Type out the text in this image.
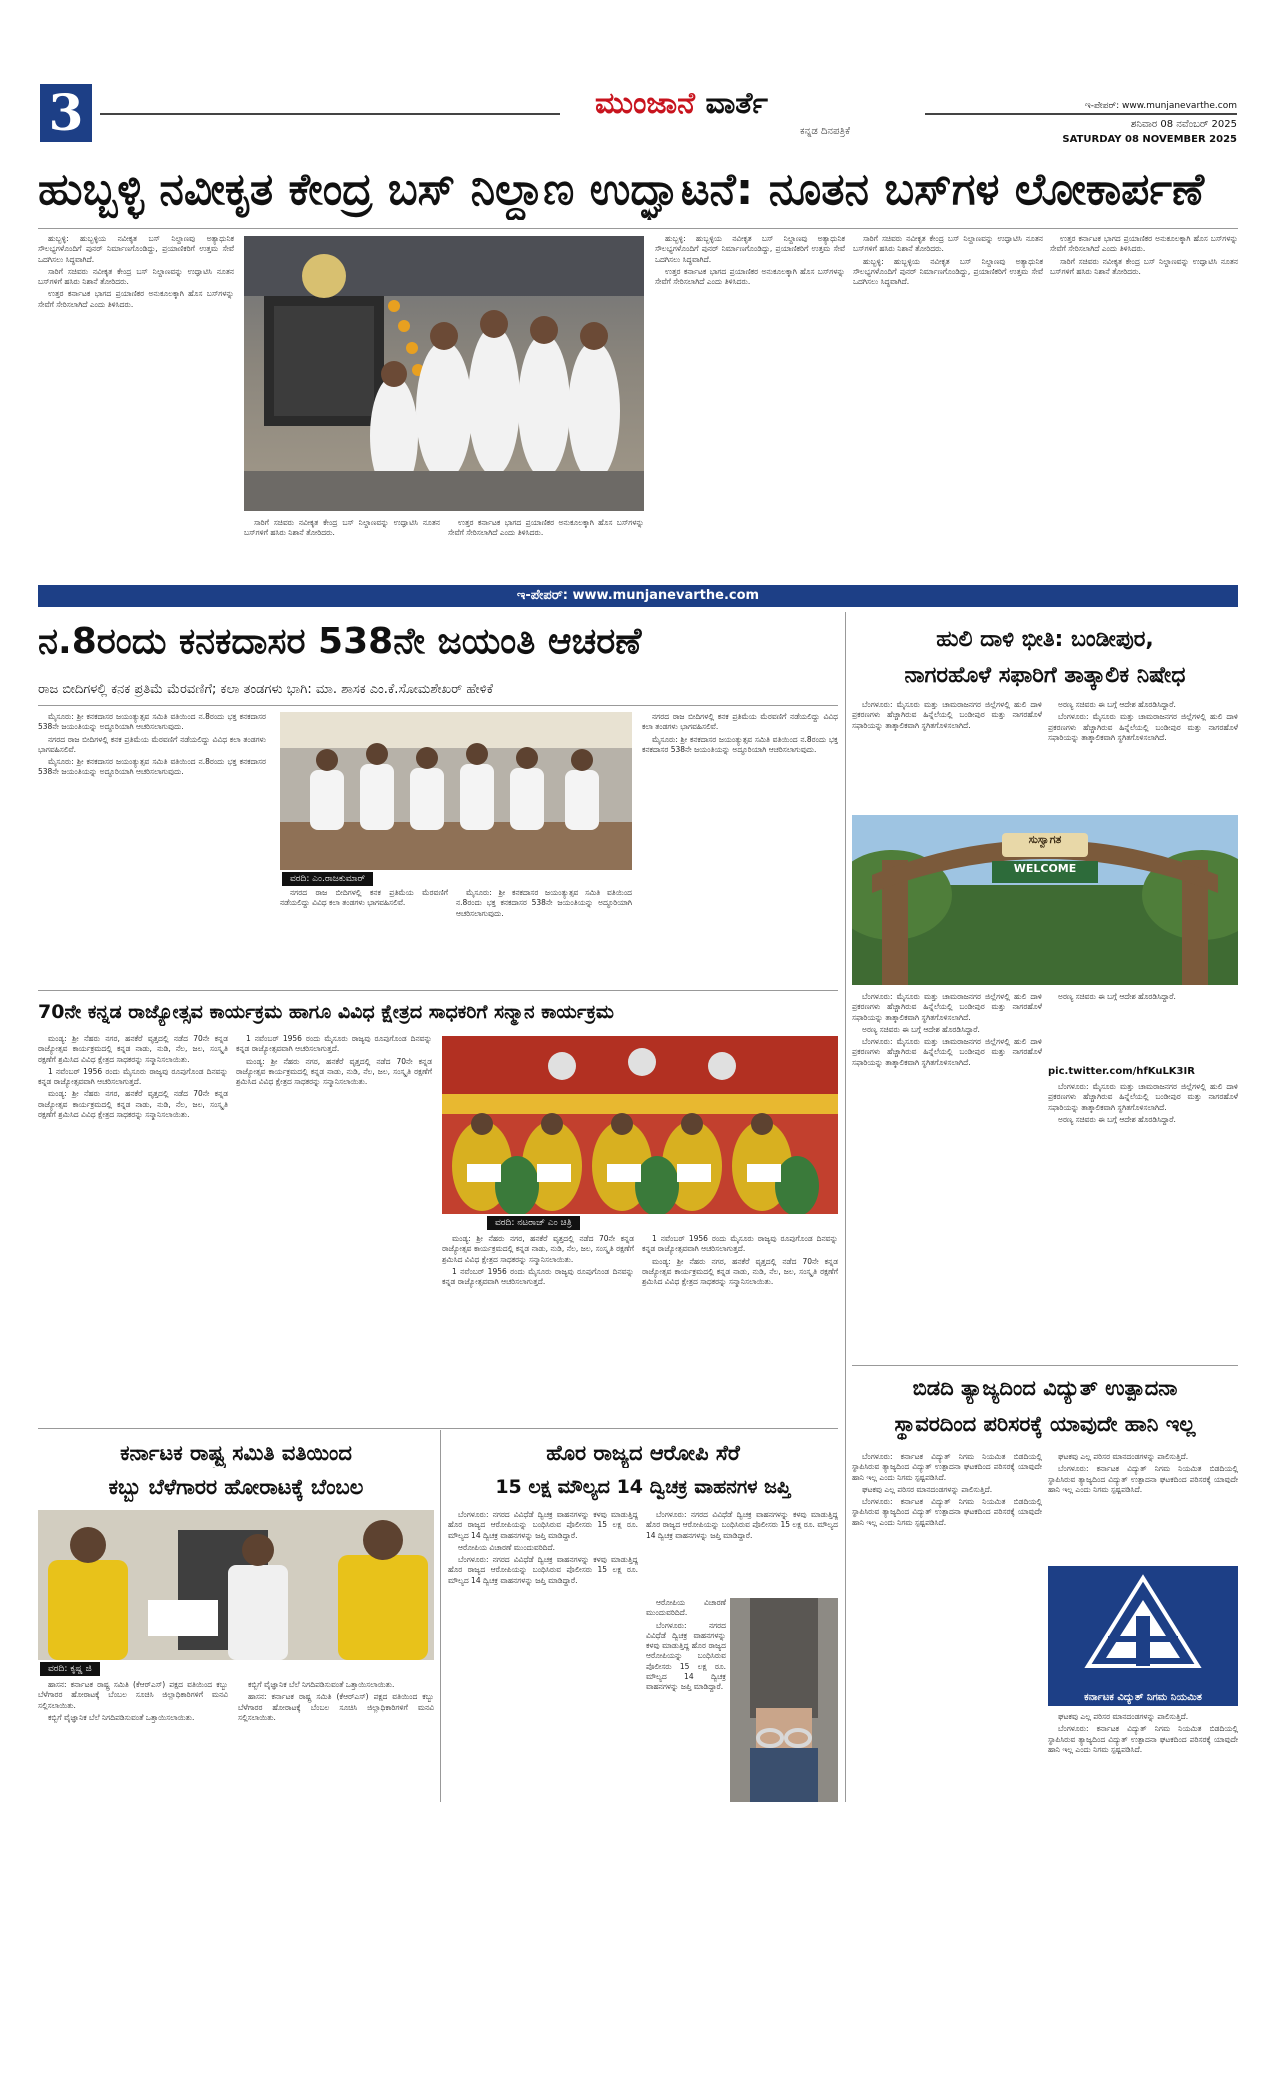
3	ಮುಂಜಾನೆ ವಾರ್ತೆ
ಕನ್ನಡ ದಿನಪತ್ರಿಕೆ
ಇ-ಪೇಪರ್: www.munjanevarthe.com
ಶನಿವಾರ 08 ನವೆಂಬರ್ 2025
SATURDAY 08 NOVEMBER 2025
ಹುಬ್ಬಳ್ಳಿ ನವೀಕೃತ ಕೇಂದ್ರ ಬಸ್ ನಿಲ್ದಾಣ ಉದ್ಘಾಟನೆ: ನೂತನ ಬಸ್‌ಗಳ ಲೋಕಾರ್ಪಣೆ

ಹುಬ್ಬಳ್ಳಿ: ಹುಬ್ಬಳ್ಳಿಯ ನವೀಕೃತ ಬಸ್ ನಿಲ್ದಾಣವು ಅತ್ಯಾಧುನಿಕ ಸೌಲಭ್ಯಗಳೊಂದಿಗೆ ಪುನರ್ ನಿರ್ಮಾಣಗೊಂಡಿದ್ದು, ಪ್ರಯಾಣಿಕರಿಗೆ ಉತ್ತಮ ಸೇವೆ ಒದಗಿಸಲು ಸಿದ್ಧವಾಗಿದೆ.

ಸಾರಿಗೆ ಸಚಿವರು ನವೀಕೃತ ಕೇಂದ್ರ ಬಸ್ ನಿಲ್ದಾಣವನ್ನು ಉದ್ಘಾಟಿಸಿ ನೂತನ ಬಸ್‌ಗಳಿಗೆ ಹಸಿರು ನಿಶಾನೆ ತೋರಿದರು.

ಉತ್ತರ ಕರ್ನಾಟಕ ಭಾಗದ ಪ್ರಯಾಣಿಕರ ಅನುಕೂಲಕ್ಕಾಗಿ ಹೊಸ ಬಸ್‌ಗಳನ್ನು ಸೇವೆಗೆ ಸೇರಿಸಲಾಗಿದೆ ಎಂದು ತಿಳಿಸಿದರು.

ಸಾರಿಗೆ ಸಚಿವರು ನವೀಕೃತ ಕೇಂದ್ರ ಬಸ್ ನಿಲ್ದಾಣವನ್ನು ಉದ್ಘಾಟಿಸಿ ನೂತನ ಬಸ್‌ಗಳಿಗೆ ಹಸಿರು ನಿಶಾನೆ ತೋರಿದರು.

ಉತ್ತರ ಕರ್ನಾಟಕ ಭಾಗದ ಪ್ರಯಾಣಿಕರ ಅನುಕೂಲಕ್ಕಾಗಿ ಹೊಸ ಬಸ್‌ಗಳನ್ನು ಸೇವೆಗೆ ಸೇರಿಸಲಾಗಿದೆ ಎಂದು ತಿಳಿಸಿದರು.

ಹುಬ್ಬಳ್ಳಿ: ಹುಬ್ಬಳ್ಳಿಯ ನವೀಕೃತ ಬಸ್ ನಿಲ್ದಾಣವು ಅತ್ಯಾಧುನಿಕ ಸೌಲಭ್ಯಗಳೊಂದಿಗೆ ಪುನರ್ ನಿರ್ಮಾಣಗೊಂಡಿದ್ದು, ಪ್ರಯಾಣಿಕರಿಗೆ ಉತ್ತಮ ಸೇವೆ ಒದಗಿಸಲು ಸಿದ್ಧವಾಗಿದೆ.

ಉತ್ತರ ಕರ್ನಾಟಕ ಭಾಗದ ಪ್ರಯಾಣಿಕರ ಅನುಕೂಲಕ್ಕಾಗಿ ಹೊಸ ಬಸ್‌ಗಳನ್ನು ಸೇವೆಗೆ ಸೇರಿಸಲಾಗಿದೆ ಎಂದು ತಿಳಿಸಿದರು.

ಸಾರಿಗೆ ಸಚಿವರು ನವೀಕೃತ ಕೇಂದ್ರ ಬಸ್ ನಿಲ್ದಾಣವನ್ನು ಉದ್ಘಾಟಿಸಿ ನೂತನ ಬಸ್‌ಗಳಿಗೆ ಹಸಿರು ನಿಶಾನೆ ತೋರಿದರು.

ಹುಬ್ಬಳ್ಳಿ: ಹುಬ್ಬಳ್ಳಿಯ ನವೀಕೃತ ಬಸ್ ನಿಲ್ದಾಣವು ಅತ್ಯಾಧುನಿಕ ಸೌಲಭ್ಯಗಳೊಂದಿಗೆ ಪುನರ್ ನಿರ್ಮಾಣಗೊಂಡಿದ್ದು, ಪ್ರಯಾಣಿಕರಿಗೆ ಉತ್ತಮ ಸೇವೆ ಒದಗಿಸಲು ಸಿದ್ಧವಾಗಿದೆ.

ಉತ್ತರ ಕರ್ನಾಟಕ ಭಾಗದ ಪ್ರಯಾಣಿಕರ ಅನುಕೂಲಕ್ಕಾಗಿ ಹೊಸ ಬಸ್‌ಗಳನ್ನು ಸೇವೆಗೆ ಸೇರಿಸಲಾಗಿದೆ ಎಂದು ತಿಳಿಸಿದರು.

ಸಾರಿಗೆ ಸಚಿವರು ನವೀಕೃತ ಕೇಂದ್ರ ಬಸ್ ನಿಲ್ದಾಣವನ್ನು ಉದ್ಘಾಟಿಸಿ ನೂತನ ಬಸ್‌ಗಳಿಗೆ ಹಸಿರು ನಿಶಾನೆ ತೋರಿದರು.

ಇ-ಪೇಪರ್: www.munjanevarthe.com
ನ.8ರಂದು ಕನಕದಾಸರ 538ನೇ ಜಯಂತಿ ಆಚರಣೆ
ರಾಜ ಬೀದಿಗಳಲ್ಲಿ ಕನಕ ಪ್ರತಿಮೆ ಮೆರವಣಿಗೆ; ಕಲಾ ತಂಡಗಳು ಭಾಗಿ: ಮಾ. ಶಾಸಕ ಎಂ.ಕೆ.ಸೋಮಶೇಖರ್ ಹೇಳಿಕೆ

ಮೈಸೂರು: ಶ್ರೀ ಕನಕದಾಸರ ಜಯಂತ್ಯುತ್ಸವ ಸಮಿತಿ ವತಿಯಿಂದ ನ.8ರಂದು ಭಕ್ತ ಕನಕದಾಸರ 538ನೇ ಜಯಂತಿಯನ್ನು ಅದ್ಧೂರಿಯಾಗಿ ಆಚರಿಸಲಾಗುವುದು.

ನಗರದ ರಾಜ ಬೀದಿಗಳಲ್ಲಿ ಕನಕ ಪ್ರತಿಮೆಯ ಮೆರವಣಿಗೆ ನಡೆಯಲಿದ್ದು ವಿವಿಧ ಕಲಾ ತಂಡಗಳು ಭಾಗವಹಿಸಲಿವೆ.

ಮೈಸೂರು: ಶ್ರೀ ಕನಕದಾಸರ ಜಯಂತ್ಯುತ್ಸವ ಸಮಿತಿ ವತಿಯಿಂದ ನ.8ರಂದು ಭಕ್ತ ಕನಕದಾಸರ 538ನೇ ಜಯಂತಿಯನ್ನು ಅದ್ಧೂರಿಯಾಗಿ ಆಚರಿಸಲಾಗುವುದು.

ವರದಿ: ಎಂ.ರಾಜಕುಮಾರ್

ನಗರದ ರಾಜ ಬೀದಿಗಳಲ್ಲಿ ಕನಕ ಪ್ರತಿಮೆಯ ಮೆರವಣಿಗೆ ನಡೆಯಲಿದ್ದು ವಿವಿಧ ಕಲಾ ತಂಡಗಳು ಭಾಗವಹಿಸಲಿವೆ.

ಮೈಸೂರು: ಶ್ರೀ ಕನಕದಾಸರ ಜಯಂತ್ಯುತ್ಸವ ಸಮಿತಿ ವತಿಯಿಂದ ನ.8ರಂದು ಭಕ್ತ ಕನಕದಾಸರ 538ನೇ ಜಯಂತಿಯನ್ನು ಅದ್ಧೂರಿಯಾಗಿ ಆಚರಿಸಲಾಗುವುದು.

ನಗರದ ರಾಜ ಬೀದಿಗಳಲ್ಲಿ ಕನಕ ಪ್ರತಿಮೆಯ ಮೆರವಣಿಗೆ ನಡೆಯಲಿದ್ದು ವಿವಿಧ ಕಲಾ ತಂಡಗಳು ಭಾಗವಹಿಸಲಿವೆ.

ಮೈಸೂರು: ಶ್ರೀ ಕನಕದಾಸರ ಜಯಂತ್ಯುತ್ಸವ ಸಮಿತಿ ವತಿಯಿಂದ ನ.8ರಂದು ಭಕ್ತ ಕನಕದಾಸರ 538ನೇ ಜಯಂತಿಯನ್ನು ಅದ್ಧೂರಿಯಾಗಿ ಆಚರಿಸಲಾಗುವುದು.

ಹುಲಿ ದಾಳಿ ಭೀತಿ: ಬಂಡೀಪುರ,
ನಾಗರಹೊಳೆ ಸಫಾರಿಗೆ ತಾತ್ಕಾಲಿಕ ನಿಷೇಧ

ಬೆಂಗಳೂರು: ಮೈಸೂರು ಮತ್ತು ಚಾಮರಾಜನಗರ ಜಿಲ್ಲೆಗಳಲ್ಲಿ ಹುಲಿ ದಾಳಿ ಪ್ರಕರಣಗಳು ಹೆಚ್ಚಾಗಿರುವ ಹಿನ್ನೆಲೆಯಲ್ಲಿ ಬಂಡೀಪುರ ಮತ್ತು ನಾಗರಹೊಳೆ ಸಫಾರಿಯನ್ನು ತಾತ್ಕಾಲಿಕವಾಗಿ ಸ್ಥಗಿತಗೊಳಿಸಲಾಗಿದೆ.

ಅರಣ್ಯ ಸಚಿವರು ಈ ಬಗ್ಗೆ ಆದೇಶ ಹೊರಡಿಸಿದ್ದಾರೆ.

ಬೆಂಗಳೂರು: ಮೈಸೂರು ಮತ್ತು ಚಾಮರಾಜನಗರ ಜಿಲ್ಲೆಗಳಲ್ಲಿ ಹುಲಿ ದಾಳಿ ಪ್ರಕರಣಗಳು ಹೆಚ್ಚಾಗಿರುವ ಹಿನ್ನೆಲೆಯಲ್ಲಿ ಬಂಡೀಪುರ ಮತ್ತು ನಾಗರಹೊಳೆ ಸಫಾರಿಯನ್ನು ತಾತ್ಕಾಲಿಕವಾಗಿ ಸ್ಥಗಿತಗೊಳಿಸಲಾಗಿದೆ.

ಸುಸ್ವಾಗತ
WELCOME

ಬೆಂಗಳೂರು: ಮೈಸೂರು ಮತ್ತು ಚಾಮರಾಜನಗರ ಜಿಲ್ಲೆಗಳಲ್ಲಿ ಹುಲಿ ದಾಳಿ ಪ್ರಕರಣಗಳು ಹೆಚ್ಚಾಗಿರುವ ಹಿನ್ನೆಲೆಯಲ್ಲಿ ಬಂಡೀಪುರ ಮತ್ತು ನಾಗರಹೊಳೆ ಸಫಾರಿಯನ್ನು ತಾತ್ಕಾಲಿಕವಾಗಿ ಸ್ಥಗಿತಗೊಳಿಸಲಾಗಿದೆ.

ಅರಣ್ಯ ಸಚಿವರು ಈ ಬಗ್ಗೆ ಆದೇಶ ಹೊರಡಿಸಿದ್ದಾರೆ.

ಬೆಂಗಳೂರು: ಮೈಸೂರು ಮತ್ತು ಚಾಮರಾಜನಗರ ಜಿಲ್ಲೆಗಳಲ್ಲಿ ಹುಲಿ ದಾಳಿ ಪ್ರಕರಣಗಳು ಹೆಚ್ಚಾಗಿರುವ ಹಿನ್ನೆಲೆಯಲ್ಲಿ ಬಂಡೀಪುರ ಮತ್ತು ನಾಗರಹೊಳೆ ಸಫಾರಿಯನ್ನು ತಾತ್ಕಾಲಿಕವಾಗಿ ಸ್ಥಗಿತಗೊಳಿಸಲಾಗಿದೆ.

ಅರಣ್ಯ ಸಚಿವರು ಈ ಬಗ್ಗೆ ಆದೇಶ ಹೊರಡಿಸಿದ್ದಾರೆ.

pic.twitter.com/hfKuLK3IR

ಬೆಂಗಳೂರು: ಮೈಸೂರು ಮತ್ತು ಚಾಮರಾಜನಗರ ಜಿಲ್ಲೆಗಳಲ್ಲಿ ಹುಲಿ ದಾಳಿ ಪ್ರಕರಣಗಳು ಹೆಚ್ಚಾಗಿರುವ ಹಿನ್ನೆಲೆಯಲ್ಲಿ ಬಂಡೀಪುರ ಮತ್ತು ನಾಗರಹೊಳೆ ಸಫಾರಿಯನ್ನು ತಾತ್ಕಾಲಿಕವಾಗಿ ಸ್ಥಗಿತಗೊಳಿಸಲಾಗಿದೆ.

ಅರಣ್ಯ ಸಚಿವರು ಈ ಬಗ್ಗೆ ಆದೇಶ ಹೊರಡಿಸಿದ್ದಾರೆ.

70ನೇ ಕನ್ನಡ ರಾಜ್ಯೋತ್ಸವ ಕಾರ್ಯಕ್ರಮ ಹಾಗೂ ವಿವಿಧ ಕ್ಷೇತ್ರದ ಸಾಧಕರಿಗೆ ಸನ್ಮಾನ ಕಾರ್ಯಕ್ರಮ

ಮಂಡ್ಯ: ಶ್ರೀ ನೆಹರು ನಗರ, ಹನಕೆರೆ ವೃತ್ತದಲ್ಲಿ ನಡೆದ 70ನೇ ಕನ್ನಡ ರಾಜ್ಯೋತ್ಸವ ಕಾರ್ಯಕ್ರಮದಲ್ಲಿ ಕನ್ನಡ ನಾಡು, ನುಡಿ, ನೆಲ, ಜಲ, ಸಂಸ್ಕೃತಿ ರಕ್ಷಣೆಗೆ ಶ್ರಮಿಸಿದ ವಿವಿಧ ಕ್ಷೇತ್ರದ ಸಾಧಕರನ್ನು ಸನ್ಮಾನಿಸಲಾಯಿತು.

1 ನವೆಂಬರ್ 1956 ರಂದು ಮೈಸೂರು ರಾಜ್ಯವು ರೂಪುಗೊಂಡ ದಿನವನ್ನು ಕನ್ನಡ ರಾಜ್ಯೋತ್ಸವವಾಗಿ ಆಚರಿಸಲಾಗುತ್ತದೆ.

ಮಂಡ್ಯ: ಶ್ರೀ ನೆಹರು ನಗರ, ಹನಕೆರೆ ವೃತ್ತದಲ್ಲಿ ನಡೆದ 70ನೇ ಕನ್ನಡ ರಾಜ್ಯೋತ್ಸವ ಕಾರ್ಯಕ್ರಮದಲ್ಲಿ ಕನ್ನಡ ನಾಡು, ನುಡಿ, ನೆಲ, ಜಲ, ಸಂಸ್ಕೃತಿ ರಕ್ಷಣೆಗೆ ಶ್ರಮಿಸಿದ ವಿವಿಧ ಕ್ಷೇತ್ರದ ಸಾಧಕರನ್ನು ಸನ್ಮಾನಿಸಲಾಯಿತು.

1 ನವೆಂಬರ್ 1956 ರಂದು ಮೈಸೂರು ರಾಜ್ಯವು ರೂಪುಗೊಂಡ ದಿನವನ್ನು ಕನ್ನಡ ರಾಜ್ಯೋತ್ಸವವಾಗಿ ಆಚರಿಸಲಾಗುತ್ತದೆ.

ಮಂಡ್ಯ: ಶ್ರೀ ನೆಹರು ನಗರ, ಹನಕೆರೆ ವೃತ್ತದಲ್ಲಿ ನಡೆದ 70ನೇ ಕನ್ನಡ ರಾಜ್ಯೋತ್ಸವ ಕಾರ್ಯಕ್ರಮದಲ್ಲಿ ಕನ್ನಡ ನಾಡು, ನುಡಿ, ನೆಲ, ಜಲ, ಸಂಸ್ಕೃತಿ ರಕ್ಷಣೆಗೆ ಶ್ರಮಿಸಿದ ವಿವಿಧ ಕ್ಷೇತ್ರದ ಸಾಧಕರನ್ನು ಸನ್ಮಾನಿಸಲಾಯಿತು.

ವರದಿ: ನಟರಾಜ್ ಎಂ ಚಿತ್ರಿ

ಮಂಡ್ಯ: ಶ್ರೀ ನೆಹರು ನಗರ, ಹನಕೆರೆ ವೃತ್ತದಲ್ಲಿ ನಡೆದ 70ನೇ ಕನ್ನಡ ರಾಜ್ಯೋತ್ಸವ ಕಾರ್ಯಕ್ರಮದಲ್ಲಿ ಕನ್ನಡ ನಾಡು, ನುಡಿ, ನೆಲ, ಜಲ, ಸಂಸ್ಕೃತಿ ರಕ್ಷಣೆಗೆ ಶ್ರಮಿಸಿದ ವಿವಿಧ ಕ್ಷೇತ್ರದ ಸಾಧಕರನ್ನು ಸನ್ಮಾನಿಸಲಾಯಿತು.

1 ನವೆಂಬರ್ 1956 ರಂದು ಮೈಸೂರು ರಾಜ್ಯವು ರೂಪುಗೊಂಡ ದಿನವನ್ನು ಕನ್ನಡ ರಾಜ್ಯೋತ್ಸವವಾಗಿ ಆಚರಿಸಲಾಗುತ್ತದೆ.

1 ನವೆಂಬರ್ 1956 ರಂದು ಮೈಸೂರು ರಾಜ್ಯವು ರೂಪುಗೊಂಡ ದಿನವನ್ನು ಕನ್ನಡ ರಾಜ್ಯೋತ್ಸವವಾಗಿ ಆಚರಿಸಲಾಗುತ್ತದೆ.

ಮಂಡ್ಯ: ಶ್ರೀ ನೆಹರು ನಗರ, ಹನಕೆರೆ ವೃತ್ತದಲ್ಲಿ ನಡೆದ 70ನೇ ಕನ್ನಡ ರಾಜ್ಯೋತ್ಸವ ಕಾರ್ಯಕ್ರಮದಲ್ಲಿ ಕನ್ನಡ ನಾಡು, ನುಡಿ, ನೆಲ, ಜಲ, ಸಂಸ್ಕೃತಿ ರಕ್ಷಣೆಗೆ ಶ್ರಮಿಸಿದ ವಿವಿಧ ಕ್ಷೇತ್ರದ ಸಾಧಕರನ್ನು ಸನ್ಮಾನಿಸಲಾಯಿತು.

ಬಿಡದಿ ತ್ಯಾಜ್ಯದಿಂದ ವಿದ್ಯುತ್ ಉತ್ಪಾದನಾ
ಸ್ಥಾವರದಿಂದ ಪರಿಸರಕ್ಕೆ ಯಾವುದೇ ಹಾನಿ ಇಲ್ಲ

ಬೆಂಗಳೂರು: ಕರ್ನಾಟಕ ವಿದ್ಯುತ್ ನಿಗಮ ನಿಯಮಿತ ಬಿಡದಿಯಲ್ಲಿ ಸ್ಥಾಪಿಸಿರುವ ತ್ಯಾಜ್ಯದಿಂದ ವಿದ್ಯುತ್ ಉತ್ಪಾದನಾ ಘಟಕದಿಂದ ಪರಿಸರಕ್ಕೆ ಯಾವುದೇ ಹಾನಿ ಇಲ್ಲ ಎಂದು ನಿಗಮ ಸ್ಪಷ್ಟಪಡಿಸಿದೆ.

ಘಟಕವು ಎಲ್ಲ ಪರಿಸರ ಮಾನದಂಡಗಳನ್ನು ಪಾಲಿಸುತ್ತಿದೆ.

ಬೆಂಗಳೂರು: ಕರ್ನಾಟಕ ವಿದ್ಯುತ್ ನಿಗಮ ನಿಯಮಿತ ಬಿಡದಿಯಲ್ಲಿ ಸ್ಥಾಪಿಸಿರುವ ತ್ಯಾಜ್ಯದಿಂದ ವಿದ್ಯುತ್ ಉತ್ಪಾದನಾ ಘಟಕದಿಂದ ಪರಿಸರಕ್ಕೆ ಯಾವುದೇ ಹಾನಿ ಇಲ್ಲ ಎಂದು ನಿಗಮ ಸ್ಪಷ್ಟಪಡಿಸಿದೆ.

ಘಟಕವು ಎಲ್ಲ ಪರಿಸರ ಮಾನದಂಡಗಳನ್ನು ಪಾಲಿಸುತ್ತಿದೆ.

ಬೆಂಗಳೂರು: ಕರ್ನಾಟಕ ವಿದ್ಯುತ್ ನಿಗಮ ನಿಯಮಿತ ಬಿಡದಿಯಲ್ಲಿ ಸ್ಥಾಪಿಸಿರುವ ತ್ಯಾಜ್ಯದಿಂದ ವಿದ್ಯುತ್ ಉತ್ಪಾದನಾ ಘಟಕದಿಂದ ಪರಿಸರಕ್ಕೆ ಯಾವುದೇ ಹಾನಿ ಇಲ್ಲ ಎಂದು ನಿಗಮ ಸ್ಪಷ್ಟಪಡಿಸಿದೆ.

ಕರ್ನಾಟಕ ವಿದ್ಯುತ್ ನಿಗಮ ನಿಯಮಿತ

ಘಟಕವು ಎಲ್ಲ ಪರಿಸರ ಮಾನದಂಡಗಳನ್ನು ಪಾಲಿಸುತ್ತಿದೆ.

ಬೆಂಗಳೂರು: ಕರ್ನಾಟಕ ವಿದ್ಯುತ್ ನಿಗಮ ನಿಯಮಿತ ಬಿಡದಿಯಲ್ಲಿ ಸ್ಥಾಪಿಸಿರುವ ತ್ಯಾಜ್ಯದಿಂದ ವಿದ್ಯುತ್ ಉತ್ಪಾದನಾ ಘಟಕದಿಂದ ಪರಿಸರಕ್ಕೆ ಯಾವುದೇ ಹಾನಿ ಇಲ್ಲ ಎಂದು ನಿಗಮ ಸ್ಪಷ್ಟಪಡಿಸಿದೆ.

ಕರ್ನಾಟಕ ರಾಷ್ಟ್ರ ಸಮಿತಿ ವತಿಯಿಂದ
ಕಬ್ಬು ಬೆಳೆಗಾರರ ಹೋರಾಟಕ್ಕೆ ಬೆಂಬಲ
ವರದಿ: ಕೃಷ್ಣ ಜಿ

ಹಾಸನ: ಕರ್ನಾಟಕ ರಾಷ್ಟ್ರ ಸಮಿತಿ (ಕೆಆರ್‌ಎಸ್) ಪಕ್ಷದ ವತಿಯಿಂದ ಕಬ್ಬು ಬೆಳೆಗಾರರ ಹೋರಾಟಕ್ಕೆ ಬೆಂಬಲ ಸೂಚಿಸಿ ಜಿಲ್ಲಾಧಿಕಾರಿಗಳಿಗೆ ಮನವಿ ಸಲ್ಲಿಸಲಾಯಿತು.

ಕಬ್ಬಿಗೆ ವೈಜ್ಞಾನಿಕ ಬೆಲೆ ನಿಗದಿಪಡಿಸುವಂತೆ ಒತ್ತಾಯಿಸಲಾಯಿತು.

ಕಬ್ಬಿಗೆ ವೈಜ್ಞಾನಿಕ ಬೆಲೆ ನಿಗದಿಪಡಿಸುವಂತೆ ಒತ್ತಾಯಿಸಲಾಯಿತು.

ಹಾಸನ: ಕರ್ನಾಟಕ ರಾಷ್ಟ್ರ ಸಮಿತಿ (ಕೆಆರ್‌ಎಸ್) ಪಕ್ಷದ ವತಿಯಿಂದ ಕಬ್ಬು ಬೆಳೆಗಾರರ ಹೋರಾಟಕ್ಕೆ ಬೆಂಬಲ ಸೂಚಿಸಿ ಜಿಲ್ಲಾಧಿಕಾರಿಗಳಿಗೆ ಮನವಿ ಸಲ್ಲಿಸಲಾಯಿತು.

ಹೊರ ರಾಜ್ಯದ ಆರೋಪಿ ಸೆರೆ
15 ಲಕ್ಷ ಮೌಲ್ಯದ 14 ದ್ವಿಚಕ್ರ ವಾಹನಗಳ ಜಪ್ತಿ

ಬೆಂಗಳೂರು: ನಗರದ ವಿವಿಧೆಡೆ ದ್ವಿಚಕ್ರ ವಾಹನಗಳನ್ನು ಕಳವು ಮಾಡುತ್ತಿದ್ದ ಹೊರ ರಾಜ್ಯದ ಆರೋಪಿಯನ್ನು ಬಂಧಿಸಿರುವ ಪೊಲೀಸರು 15 ಲಕ್ಷ ರೂ. ಮೌಲ್ಯದ 14 ದ್ವಿಚಕ್ರ ವಾಹನಗಳನ್ನು ಜಪ್ತಿ ಮಾಡಿದ್ದಾರೆ.

ಆರೋಪಿಯ ವಿಚಾರಣೆ ಮುಂದುವರಿದಿದೆ.

ಬೆಂಗಳೂರು: ನಗರದ ವಿವಿಧೆಡೆ ದ್ವಿಚಕ್ರ ವಾಹನಗಳನ್ನು ಕಳವು ಮಾಡುತ್ತಿದ್ದ ಹೊರ ರಾಜ್ಯದ ಆರೋಪಿಯನ್ನು ಬಂಧಿಸಿರುವ ಪೊಲೀಸರು 15 ಲಕ್ಷ ರೂ. ಮೌಲ್ಯದ 14 ದ್ವಿಚಕ್ರ ವಾಹನಗಳನ್ನು ಜಪ್ತಿ ಮಾಡಿದ್ದಾರೆ.

ಬೆಂಗಳೂರು: ನಗರದ ವಿವಿಧೆಡೆ ದ್ವಿಚಕ್ರ ವಾಹನಗಳನ್ನು ಕಳವು ಮಾಡುತ್ತಿದ್ದ ಹೊರ ರಾಜ್ಯದ ಆರೋಪಿಯನ್ನು ಬಂಧಿಸಿರುವ ಪೊಲೀಸರು 15 ಲಕ್ಷ ರೂ. ಮೌಲ್ಯದ 14 ದ್ವಿಚಕ್ರ ವಾಹನಗಳನ್ನು ಜಪ್ತಿ ಮಾಡಿದ್ದಾರೆ.

ಆರೋಪಿಯ ವಿಚಾರಣೆ ಮುಂದುವರಿದಿದೆ.

ಬೆಂಗಳೂರು: ನಗರದ ವಿವಿಧೆಡೆ ದ್ವಿಚಕ್ರ ವಾಹನಗಳನ್ನು ಕಳವು ಮಾಡುತ್ತಿದ್ದ ಹೊರ ರಾಜ್ಯದ ಆರೋಪಿಯನ್ನು ಬಂಧಿಸಿರುವ ಪೊಲೀಸರು 15 ಲಕ್ಷ ರೂ. ಮೌಲ್ಯದ 14 ದ್ವಿಚಕ್ರ ವಾಹನಗಳನ್ನು ಜಪ್ತಿ ಮಾಡಿದ್ದಾರೆ.
